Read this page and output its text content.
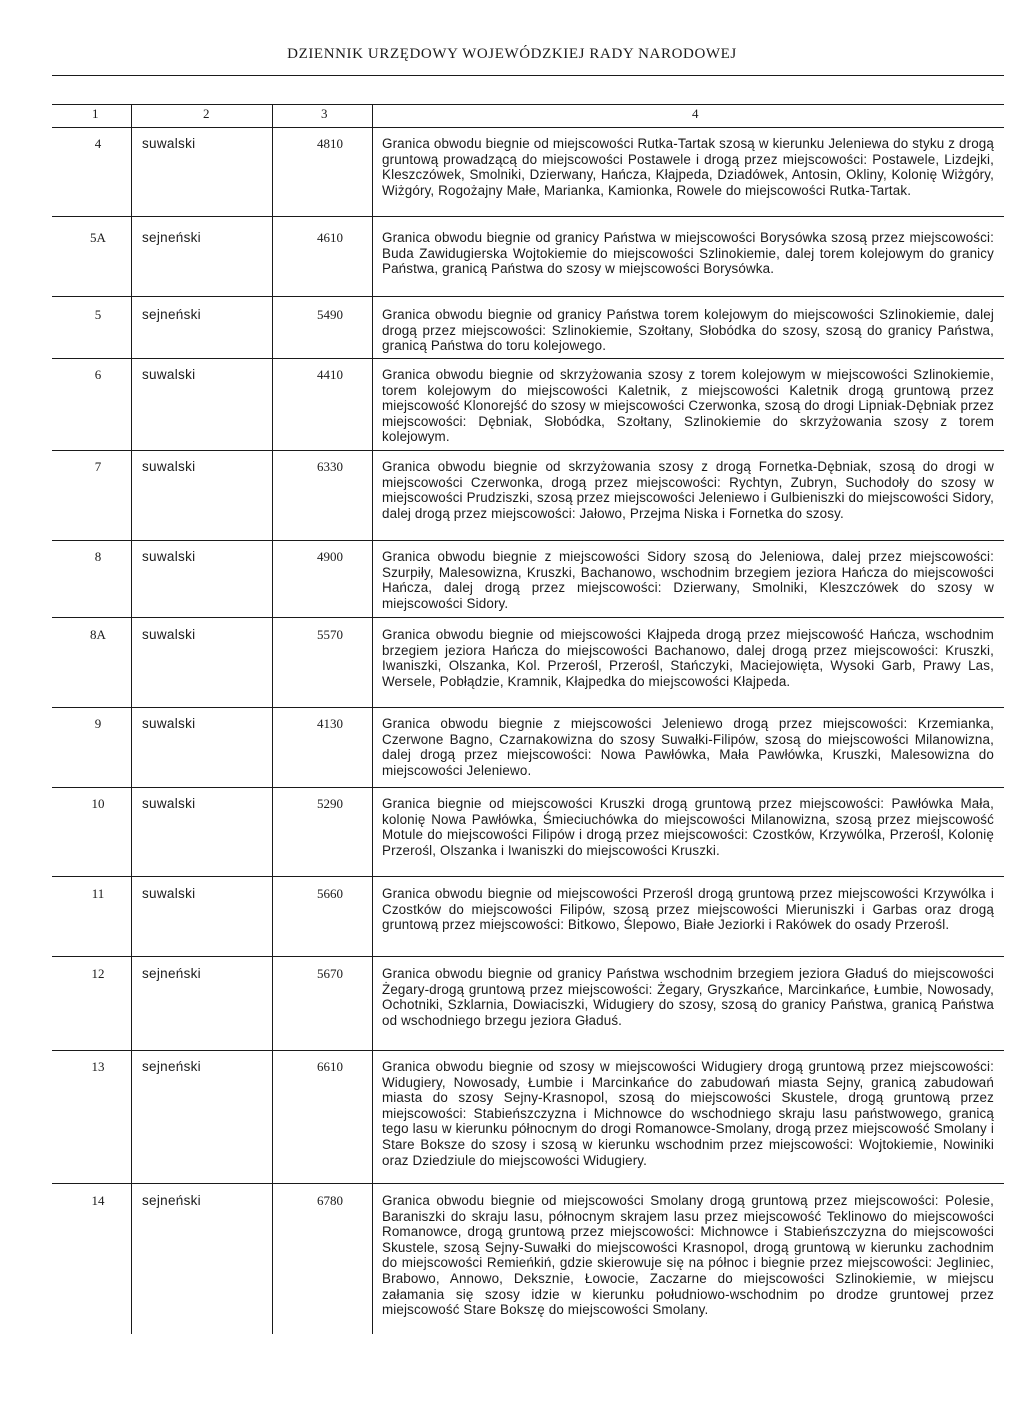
DZIENNIK URZĘDOWY WOJEWÓDZKIEJ RADY NARODOWEJ
1	2	3	4
4	suwalski	4810	Granica obwodu biegnie od miejscowości Rutka-Tartak szosą w kierunku Jeleniewa do styku z drogą gruntową prowadzącą do miejscowości Postawele i drogą przez miejscowości: Postawele, Lizdejki, Kleszczówek, Smolniki, Dzierwany, Hańcza, Kłajpeda, Dziadówek, Antosin, Okliny, Kolonię Wiżgóry, Wiżgóry, Rogożajny Małe, Marianka, Kamionka, Rowele do miejscowości Rutka-Tartak.
5A	sejneński	4610	Granica obwodu biegnie od granicy Państwa w miejscowości Borysówka szosą przez miejscowości: Buda Zawidugierska Wojtokiemie do miejscowości Szlinokiemie, dalej torem kolejowym do granicy Państwa, granicą Państwa do szosy w miejscowości Borysówka.
5	sejneński	5490	Granica obwodu biegnie od granicy Państwa torem kolejowym do miejscowości Szlinokiemie, dalej drogą przez miejscowości: Szlinokiemie, Szołtany, Słobódka do szosy, szosą do granicy Państwa, granicą Państwa do toru kolejowego.
6	suwalski	4410	Granica obwodu biegnie od skrzyżowania szosy z torem kolejowym w miejscowości Szlinokiemie, torem kolejowym do miejscowości Kaletnik, z miejscowości Kaletnik drogą gruntową przez miejscowość Klonorejść do szosy w miejscowości Czerwonka, szosą do drogi Lipniak-Dębniak przez miejscowości: Dębniak, Słobódka, Szołtany, Szlinokiemie do skrzyżowania szosy z torem kolejowym.
7	suwalski	6330	Granica obwodu biegnie od skrzyżowania szosy z drogą Fornetka-Dębniak, szosą do drogi w miejscowości Czerwonka, drogą przez miejscowości: Rychtyn, Zubryn, Suchodoły do szosy w miejscowości Prudziszki, szosą przez miejscowości Jeleniewo i Gulbieniszki do miejscowości Sidory, dalej drogą przez miejscowości: Jałowo, Przejma Niska i Fornetka do szosy.
8	suwalski	4900	Granica obwodu biegnie z miejscowości Sidory szosą do Jeleniowa, dalej przez miejscowości: Szurpiły, Malesowizna, Kruszki, Bachanowo, wschodnim brzegiem jeziora Hańcza do miejscowości Hańcza, dalej drogą przez miejscowości: Dzierwany, Smolniki, Kleszczówek do szosy w miejscowości Sidory.
8A	suwalski	5570	Granica obwodu biegnie od miejscowości Kłajpeda drogą przez miejscowość Hańcza, wschodnim brzegiem jeziora Hańcza do miejscowości Bachanowo, dalej drogą przez miejscowości: Kruszki, Iwaniszki, Olszanka, Kol. Przerośl, Przerośl, Stańczyki, Maciejowięta, Wysoki Garb, Prawy Las, Wersele, Pobłądzie, Kramnik, Kłajpedka do miejscowości Kłajpeda.
9	suwalski	4130	Granica obwodu biegnie z miejscowości Jeleniewo drogą przez miejscowości: Krzemianka, Czerwone Bagno, Czarnakowizna do szosy Suwałki-Filipów, szosą do miejscowości Milanowizna, dalej drogą przez miejscowości: Nowa Pawłówka, Mała Pawłówka, Kruszki, Malesowizna do miejscowości Jeleniewo.
10	suwalski	5290	Granica biegnie od miejscowości Kruszki drogą gruntową przez miejscowości: Pawłówka Mała, kolonię Nowa Pawłówka, Śmieciuchówka do miejscowości Milanowizna, szosą przez miejscowość Motule do miejscowości Filipów i drogą przez miejscowości: Czostków, Krzywólka, Przerośl, Kolonię Przerośl, Olszanka i Iwaniszki do miejscowości Kruszki.
11	suwalski	5660	Granica obwodu biegnie od miejscowości Przerośl drogą gruntową przez miejscowości Krzywólka i Czostków do miejscowości Filipów, szosą przez miejscowości Mieruniszki i Garbas oraz drogą gruntową przez miejscowości: Bitkowo, Ślepowo, Białe Jeziorki i Rakówek do osady Przerośl.
12	sejneński	5670	Granica obwodu biegnie od granicy Państwa wschodnim brzegiem jeziora Gładuś do miejscowości Żegary-drogą gruntową przez miejscowości: Żegary, Gryszkańce, Marcinkańce, Łumbie, Nowosady, Ochotniki, Szklarnia, Dowiaciszki, Widugiery do szosy, szosą do granicy Państwa, granicą Państwa od wschodniego brzegu jeziora Gładuś.
13	sejneński	6610	Granica obwodu biegnie od szosy w miejscowości Widugiery drogą gruntową przez miejscowości: Widugiery, Nowosady, Łumbie i Marcinkańce do zabudowań miasta Sejny, granicą zabudowań miasta do szosy Sejny-Krasnopol, szosą do miejscowości Skustele, drogą gruntową przez miejscowości: Stabieńszczyzna i Michnowce do wschodniego skraju lasu państwowego, granicą tego lasu w kierunku północnym do drogi Romanowce-Smolany, drogą przez miejscowość Smolany i Stare Boksze do szosy i szosą w kierunku wschodnim przez miejscowości: Wojtokiemie, Nowiniki oraz Dziedziule do miejscowości Widugiery.
14	sejneński	6780	Granica obwodu biegnie od miejscowości Smolany drogą gruntową przez miejscowości: Polesie, Baraniszki do skraju lasu, północnym skrajem lasu przez miejscowość Teklinowo do miejscowości Romanowce, drogą gruntową przez miejscowości: Michnowce i Stabieńszczyzna do miejscowości Skustele, szosą Sejny-Suwałki do miejscowości Krasnopol, drogą gruntową w kierunku zachodnim do miejscowości Remieńkiń, gdzie skierowuje się na północ i biegnie przez miejscowości: Jegliniec, Brabowo, Annowo, Deksznie, Łowocie, Zaczarne do miejscowości Szlinokiemie, w miejscu załamania się szosy idzie w kierunku południowo-wschodnim po drodze gruntowej przez miejscowość Stare Bokszę do miejscowości Smolany.
